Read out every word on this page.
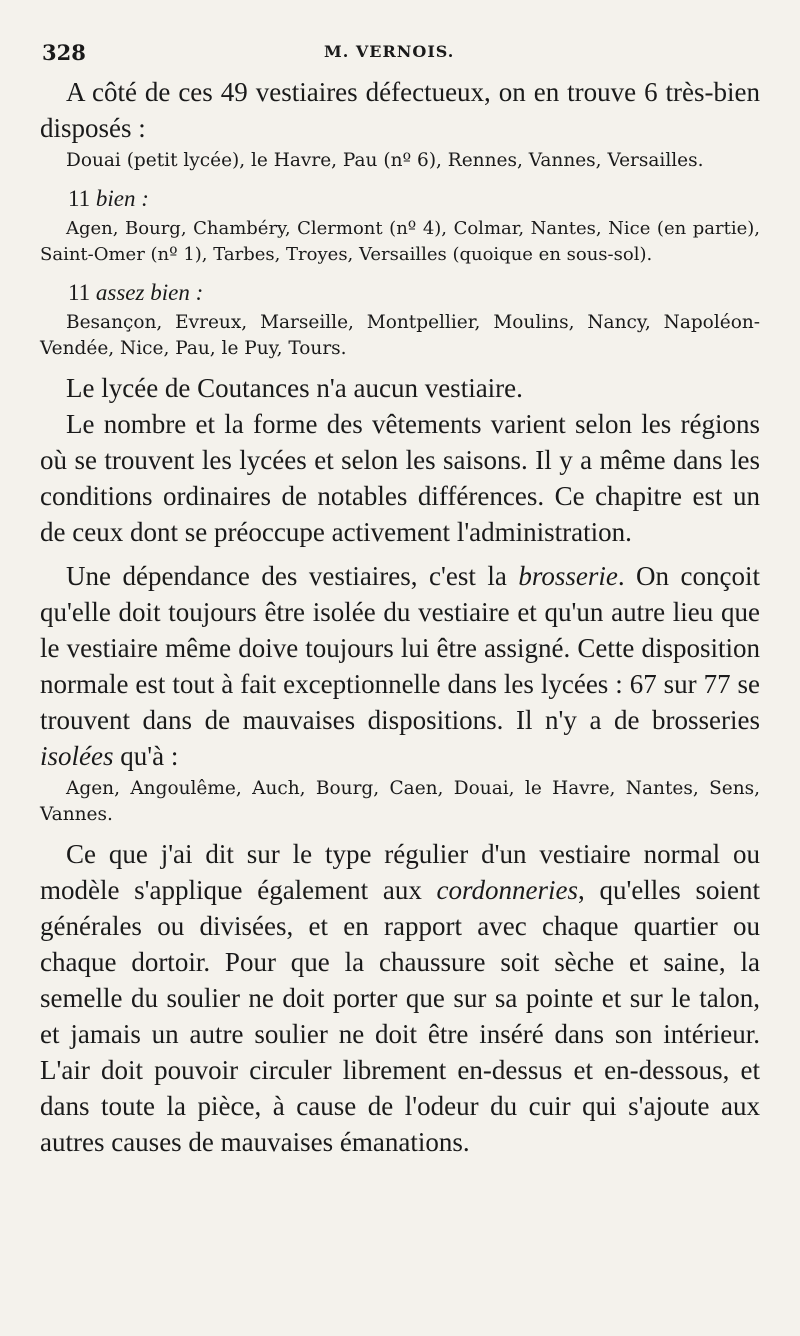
328	M. VERNOIS.

A côté de ces 49 vestiaires défectueux, on en trouve 6 très-bien disposés :

Douai (petit lycée), le Havre, Pau (nº 6), Rennes, Vannes, Versailles.

11 bien :

Agen, Bourg, Chambéry, Clermont (nº 4), Colmar, Nantes, Nice (en partie), Saint-Omer (nº 1), Tarbes, Troyes, Versailles (quoique en sous-sol).

11 assez bien :

Besançon, Evreux, Marseille, Montpellier, Moulins, Nancy, Napoléon-Vendée, Nice, Pau, le Puy, Tours.

Le lycée de Coutances n'a aucun vestiaire.

Le nombre et la forme des vêtements varient selon les régions où se trouvent les lycées et selon les saisons. Il y a même dans les conditions ordinaires de notables différences. Ce chapitre est un de ceux dont se préoccupe activement l'administration.

Une dépendance des vestiaires, c'est la brosserie. On conçoit qu'elle doit toujours être isolée du vestiaire et qu'un autre lieu que le vestiaire même doive toujours lui être assigné. Cette disposition normale est tout à fait exceptionnelle dans les lycées : 67 sur 77 se trouvent dans de mauvaises dispositions. Il n'y a de brosseries isolées qu'à :

Agen, Angoulême, Auch, Bourg, Caen, Douai, le Havre, Nantes, Sens, Vannes.

Ce que j'ai dit sur le type régulier d'un vestiaire normal ou modèle s'applique également aux cordonneries, qu'elles soient générales ou divisées, et en rapport avec chaque quartier ou chaque dortoir. Pour que la chaussure soit sèche et saine, la semelle du soulier ne doit porter que sur sa pointe et sur le talon, et jamais un autre soulier ne doit être inséré dans son intérieur. L'air doit pouvoir circuler librement en-dessus et en-dessous, et dans toute la pièce, à cause de l'odeur du cuir qui s'ajoute aux autres causes de mauvaises émanations.
